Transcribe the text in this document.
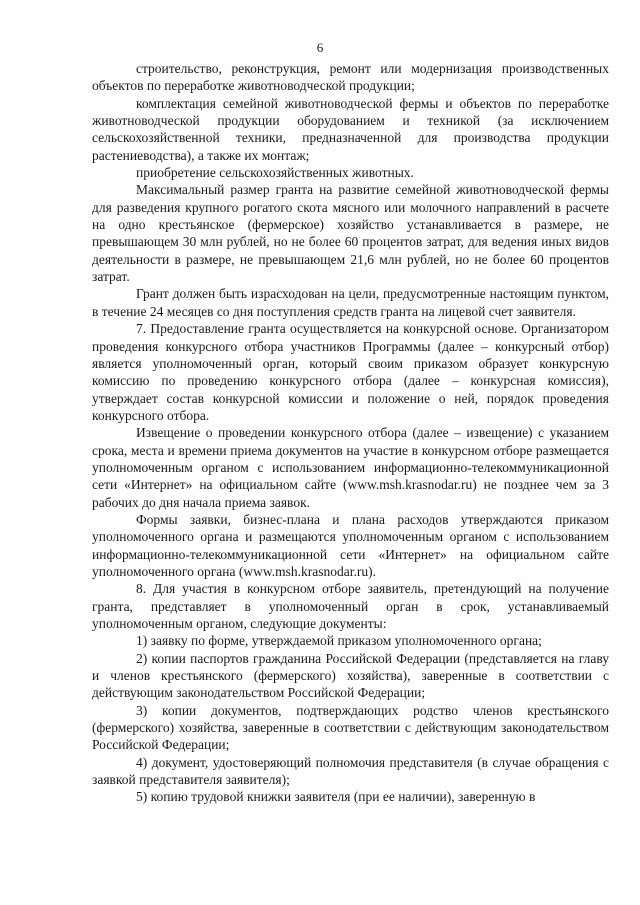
6

строительство, реконструкция, ремонт или модернизация производственных объектов по переработке животноводческой продукции;

комплектация семейной животноводческой фермы и объектов по переработке животноводческой продукции оборудованием и техникой (за исключением сельскохозяйственной техники, предназначенной для производства продукции растениеводства), а также их монтаж;

приобретение сельскохозяйственных животных.

Максимальный размер гранта на развитие семейной животноводческой фермы для разведения крупного рогатого скота мясного или молочного направлений в расчете на одно крестьянское (фермерское) хозяйство устанавливается в размере, не превышающем 30 млн рублей, но не более 60 процентов затрат, для ведения иных видов деятельности в размере, не превышающем 21,6 млн рублей, но не более 60 процентов затрат.

Грант должен быть израсходован на цели, предусмотренные настоящим пунктом, в течение 24 месяцев со дня поступления средств гранта на лицевой счет заявителя.

7. Предоставление гранта осуществляется на конкурсной основе. Организатором проведения конкурсного отбора участников Программы (далее – конкурсный отбор) является уполномоченный орган, который своим приказом образует конкурсную комиссию по проведению конкурсного отбора (далее – конкурсная комиссия), утверждает состав конкурсной комиссии и положение о ней, порядок проведения конкурсного отбора.

Извещение о проведении конкурсного отбора (далее – извещение) с указанием срока, места и времени приема документов на участие в конкурсном отборе размещается уполномоченным органом с использованием информационно-телекоммуникационной сети «Интернет» на официальном сайте (www.msh.krasnodar.ru) не позднее чем за 3 рабочих до дня начала приема заявок.

Формы заявки, бизнес-плана и плана расходов утверждаются приказом уполномоченного органа и размещаются уполномоченным органом с использованием информационно-телекоммуникационной сети «Интернет» на официальном сайте уполномоченного органа (www.msh.krasnodar.ru).

8. Для участия в конкурсном отборе заявитель, претендующий на получение гранта, представляет в уполномоченный орган в срок, устанавливаемый уполномоченным органом, следующие документы:

1) заявку по форме, утверждаемой приказом уполномоченного органа;

2) копии паспортов гражданина Российской Федерации (представляется на главу и членов крестьянского (фермерского) хозяйства), заверенные в соответствии с действующим законодательством Российской Федерации;

3) копии документов, подтверждающих родство членов крестьянского (фермерского) хозяйства, заверенные в соответствии с действующим законодательством Российской Федерации;

4) документ, удостоверяющий полномочия представителя (в случае обращения с заявкой представителя заявителя);

5) копию трудовой книжки заявителя (при ее наличии), заверенную в
